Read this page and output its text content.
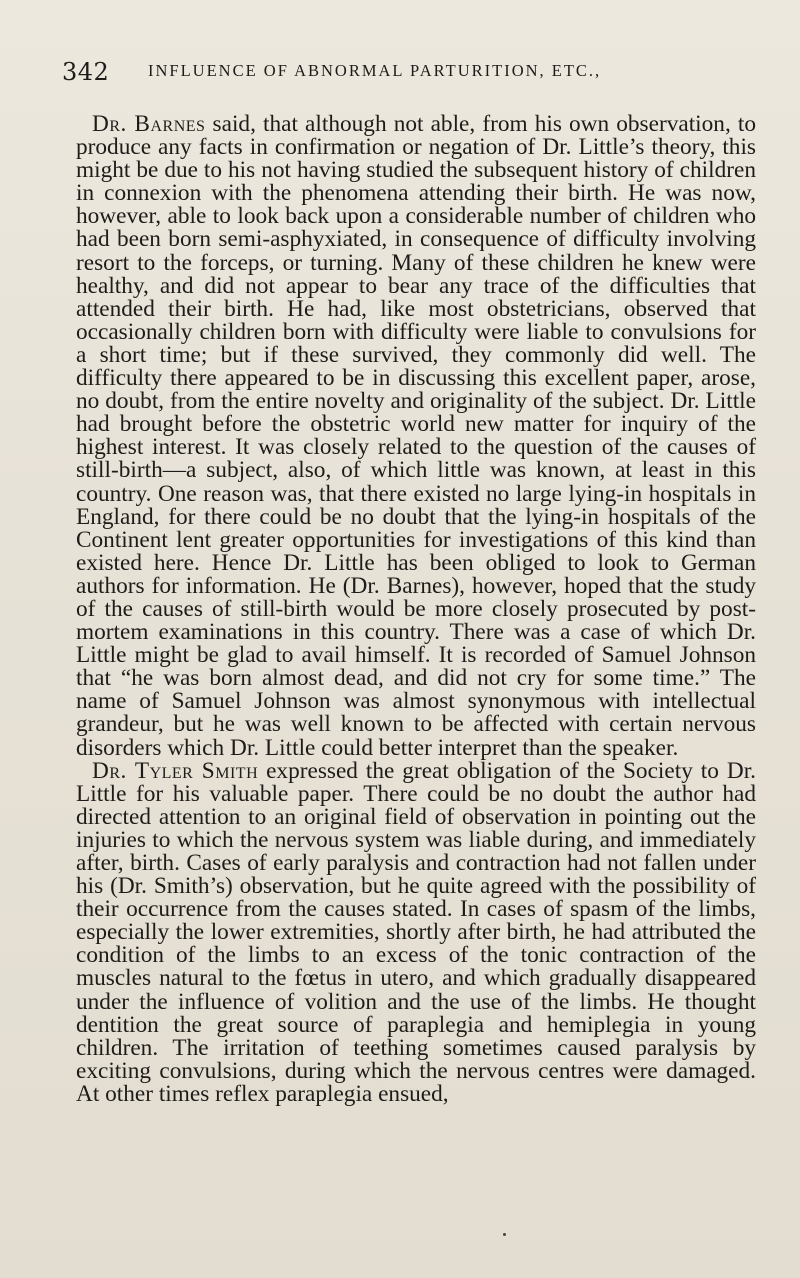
342 INFLUENCE OF ABNORMAL PARTURITION, ETC.,

Dr. Barnes said, that although not able, from his own observation, to produce any facts in confirmation or negation of Dr. Little’s theory, this might be due to his not having studied the subsequent history of children in connexion with the phenomena attending their birth. He was now, however, able to look back upon a considerable number of children who had been born semi-asphyxiated, in consequence of difficulty involving resort to the forceps, or turning. Many of these children he knew were healthy, and did not appear to bear any trace of the difficulties that attended their birth. He had, like most obstetricians, observed that occasionally children born with difficulty were liable to convulsions for a short time; but if these survived, they commonly did well. The difficulty there appeared to be in discussing this excellent paper, arose, no doubt, from the entire novelty and originality of the subject. Dr. Little had brought before the obstetric world new matter for inquiry of the highest interest. It was closely related to the question of the causes of still-birth—a subject, also, of which little was known, at least in this country. One reason was, that there existed no large lying-in hospitals in England, for there could be no doubt that the lying-in hospitals of the Continent lent greater opportunities for investigations of this kind than existed here. Hence Dr. Little has been obliged to look to German authors for information. He (Dr. Barnes), however, hoped that the study of the causes of still-birth would be more closely prosecuted by post-mortem examinations in this country. There was a case of which Dr. Little might be glad to avail himself. It is recorded of Samuel Johnson that “he was born almost dead, and did not cry for some time.” The name of Samuel Johnson was almost synonymous with intellectual grandeur, but he was well known to be affected with certain nervous disorders which Dr. Little could better interpret than the speaker.

Dr. Tyler Smith expressed the great obligation of the Society to Dr. Little for his valuable paper. There could be no doubt the author had directed attention to an original field of observation in pointing out the injuries to which the nervous system was liable during, and immediately after, birth. Cases of early paralysis and contraction had not fallen under his (Dr. Smith’s) observation, but he quite agreed with the possibility of their occurrence from the causes stated. In cases of spasm of the limbs, especially the lower extremities, shortly after birth, he had attributed the condition of the limbs to an excess of the tonic contraction of the muscles natural to the fœtus in utero, and which gradually disappeared under the influence of volition and the use of the limbs. He thought dentition the great source of paraplegia and hemiplegia in young children. The irritation of teething sometimes caused paralysis by exciting convulsions, during which the nervous centres were damaged. At other times reflex paraplegia ensued,
